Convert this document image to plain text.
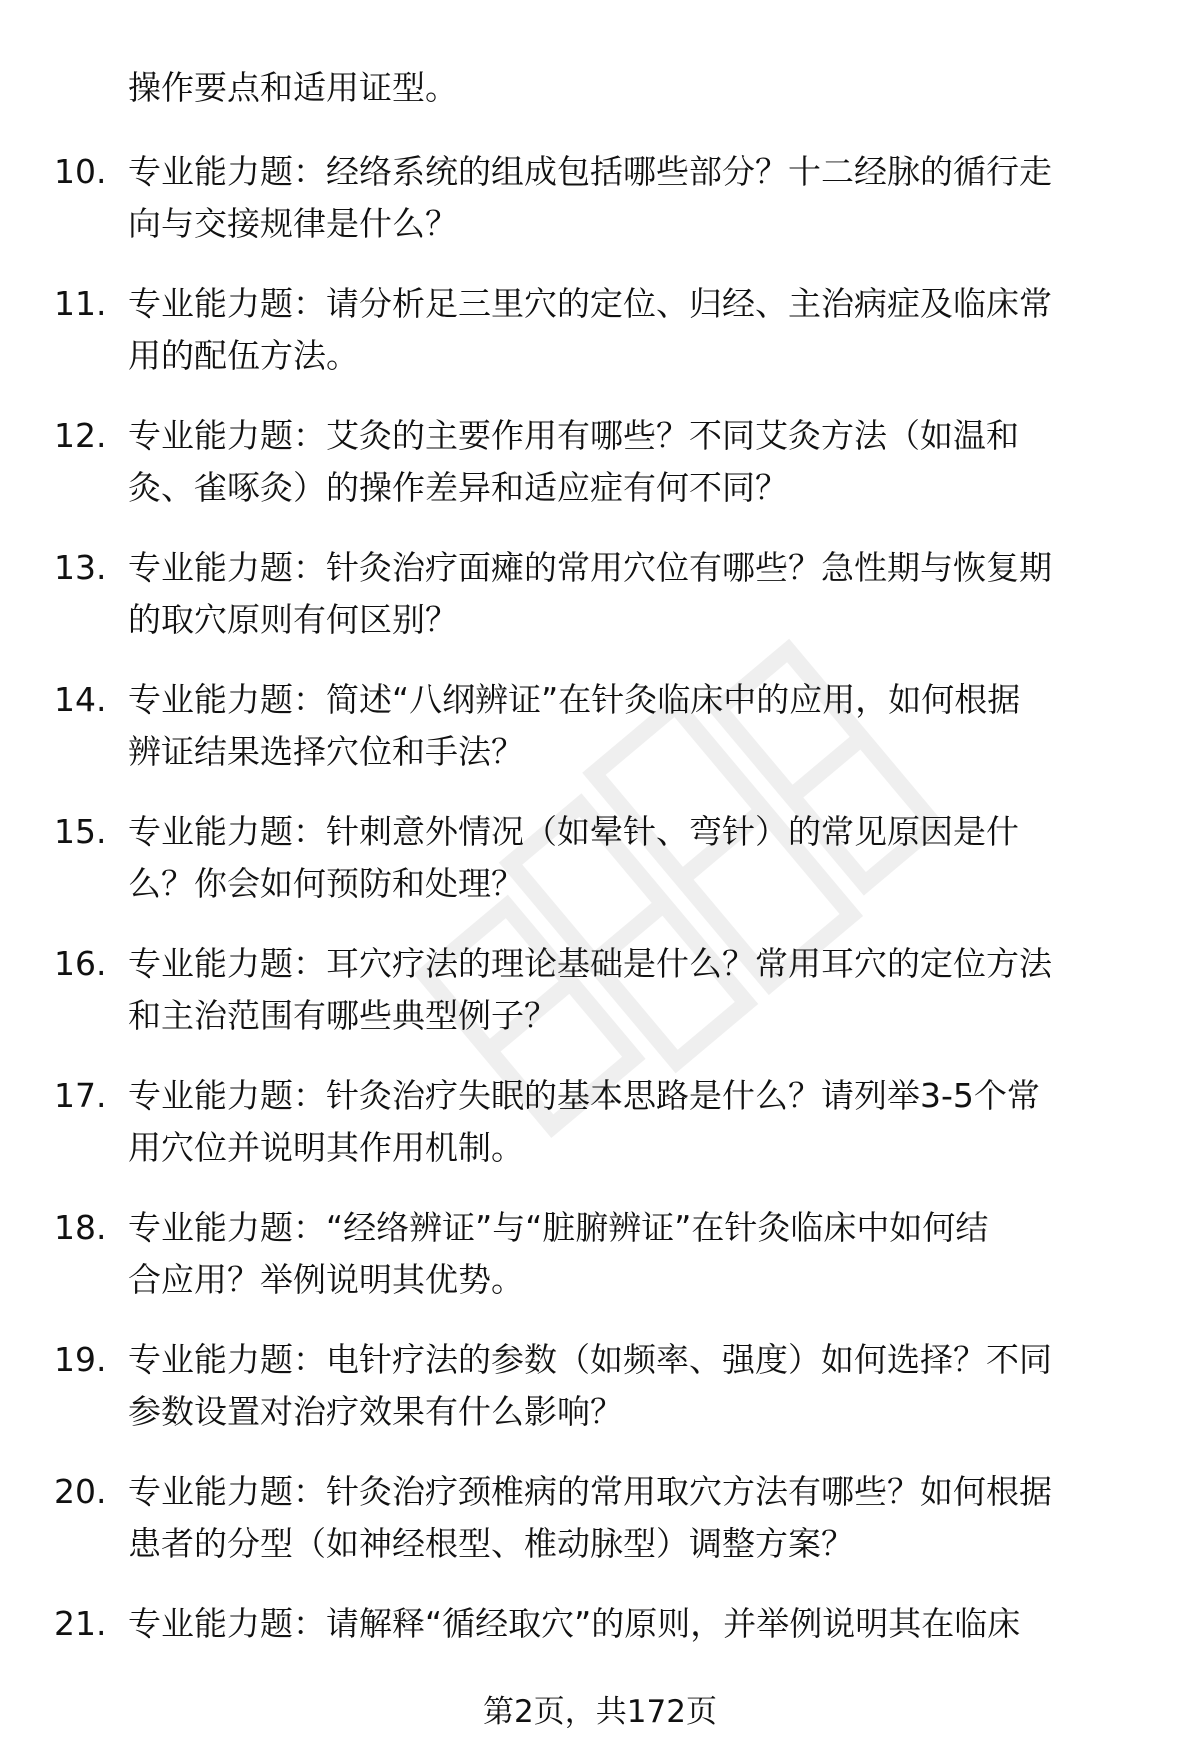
操作要点和适用证型。
10. 专业能力题：经络系统的组成包括哪些部分？十二经脉的循行走
向与交接规律是什么？
11. 专业能力题：请分析足三里穴的定位、归经、主治病症及临床常
用的配伍方法。
12. 专业能力题：艾灸的主要作用有哪些？不同艾灸方法（如温和
灸、雀啄灸）的操作差异和适应症有何不同？
13. 专业能力题：针灸治疗面瘫的常用穴位有哪些？急性期与恢复期
的取穴原则有何区别？
14. 专业能力题：简述“八纲辨证”在针灸临床中的应用，如何根据
辨证结果选择穴位和手法？
15. 专业能力题：针刺意外情况（如晕针、弯针）的常见原因是什
么？你会如何预防和处理？
16. 专业能力题：耳穴疗法的理论基础是什么？常用耳穴的定位方法
和主治范围有哪些典型例子？
17. 专业能力题：针灸治疗失眠的基本思路是什么？请列举3-5个常
用穴位并说明其作用机制。
18. 专业能力题：“经络辨证”与“脏腑辨证”在针灸临床中如何结
合应用？举例说明其优势。
19. 专业能力题：电针疗法的参数（如频率、强度）如何选择？不同
参数设置对治疗效果有什么影响？
20. 专业能力题：针灸治疗颈椎病的常用取穴方法有哪些？如何根据
患者的分型（如神经根型、椎动脉型）调整方案？
21. 专业能力题：请解释“循经取穴”的原则，并举例说明其在临床
第2页，共172页
